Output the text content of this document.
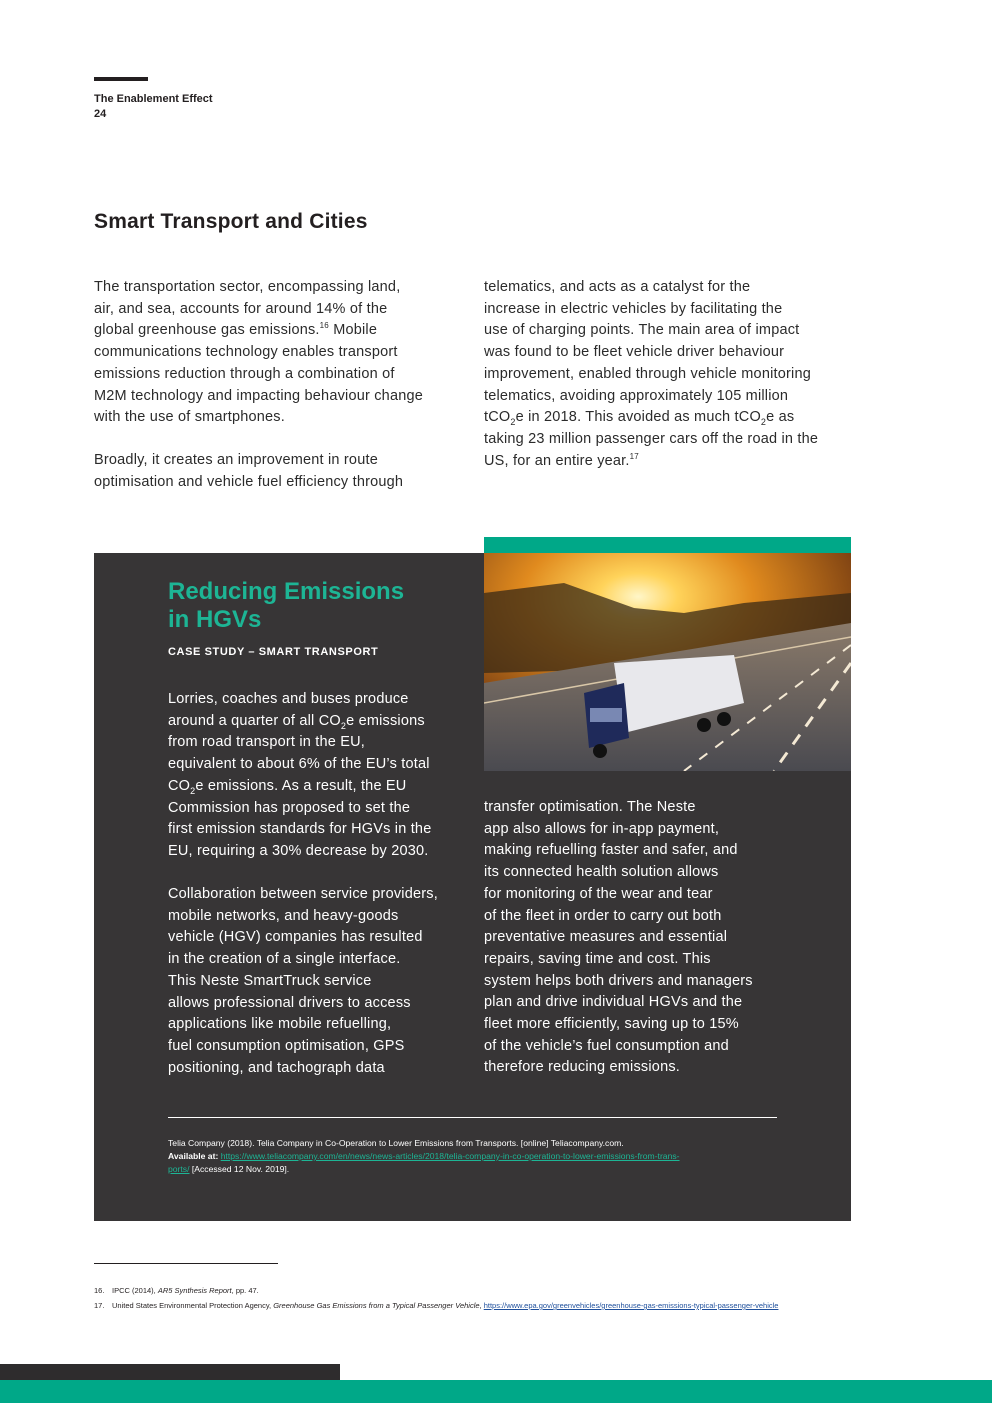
The Enablement Effect
24
Smart Transport and Cities
The transportation sector, encompassing land,
air, and sea, accounts for around 14% of the
global greenhouse gas emissions.$^{16}$ Mobile
communications technology enables transport
emissions reduction through a combination of
M2M technology and impacting behaviour change
with the use of smartphones.
Broadly, it creates an improvement in route
optimisation and vehicle fuel efficiency through
telematics, and acts as a catalyst for the
increase in electric vehicles by facilitating the
use of charging points. The main area of impact
was found to be fleet vehicle driver behaviour
improvement, enabled through vehicle monitoring
telematics, avoiding approximately 105 million
tCO$_2$e in 2018. This avoided as much tCO$_2$e as
taking 23 million passenger cars off the road in the
US, for an entire year.$^{17}$
Reducing Emissions
in HGVs
CASE STUDY – SMART TRANSPORT
Lorries, coaches and buses produce
around a quarter of all $CO_2e$ emissions
from road transport in the EU,
equivalent to about 6% of the EU’s total
$CO_2e$ emissions. As a result, the EU
Commission has proposed to set the
first emission standards for HGVs in the
EU, requiring a 30% decrease by 2030.
Collaboration between service providers,
mobile networks, and heavy-goods
vehicle (HGV) companies has resulted
in the creation of a single interface.
This Neste SmartTruck service
allows professional drivers to access
applications like mobile refuelling,
fuel consumption optimisation, GPS
positioning, and tachograph data
transfer optimisation. The Neste
app also allows for in-app payment,
making refuelling faster and safer, and
its connected health solution allows
for monitoring of the wear and tear
of the fleet in order to carry out both
preventative measures and essential
repairs, saving time and cost. This
system helps both drivers and managers
plan and drive individual HGVs and the
fleet more efficiently, saving up to 15%
of the vehicle’s fuel consumption and
therefore reducing emissions.
Telia Company (2018). Telia Company in Co-Operation to Lower Emissions from Transports. [online] Teliacompany.com.
Available at: https://www.teliacompany.com/en/news/news-articles/2018/telia-company-in-co-operation-to-lower-emissions-from-trans-
ports/ [Accessed 12 Nov. 2019].
16. IPCC (2014), AR5 Synthesis Report, pp. 47.
17. United States Environmental Protection Agency, Greenhouse Gas Emissions from a Typical Passenger Vehicle, https://www.epa.gov/greenvehicles/greenhouse-gas-emissions-typical-passenger-vehicle
